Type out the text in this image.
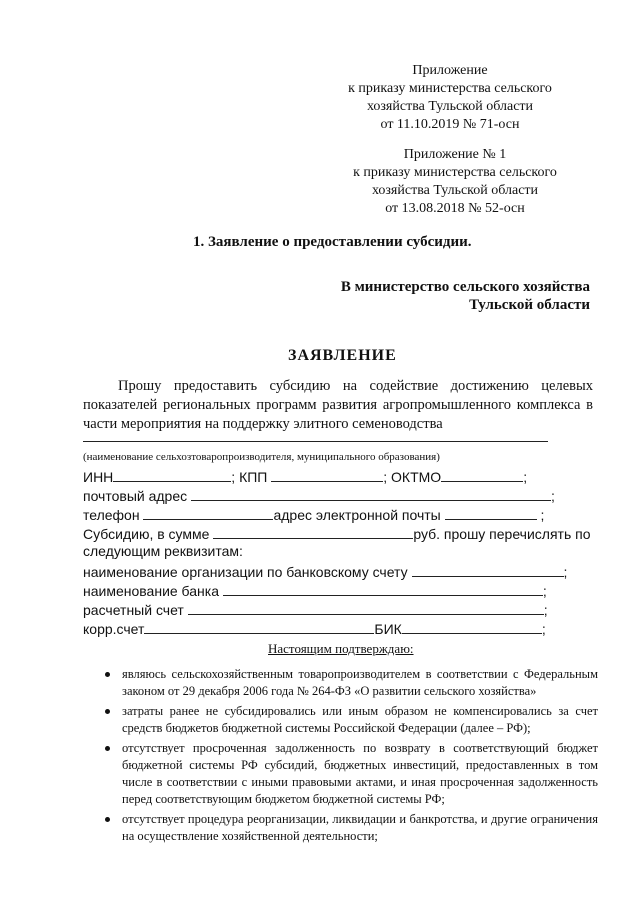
Приложение
к приказу министерства сельского
хозяйства Тульской области
от 11.10.2019 № 71-осн
Приложение № 1
к приказу министерства сельского
хозяйства Тульской области
от 13.08.2018 № 52-осн
1. Заявление о предоставлении субсидии.
В министерство сельского хозяйства
Тульской области
ЗАЯВЛЕНИЕ
Прошу предоставить субсидию на содействие достижению целевых показателей региональных программ развития агропромышленного комплекса в части мероприятия на поддержку элитного семеноводства
(наименование сельхозтоваропроизводителя, муниципального образования)
ИНН	; КПП	; ОКТМО	;
почтовый адрес	;
телефон	адрес электронной почты	;
Субсидию, в сумме	руб. прошу перечислять по
следующим реквизитам:
наименование организации по банковскому счету	;
наименование банка	;
расчетный счет	;
корр.счет	БИК	;
Настоящим подтверждаю:
являюсь сельскохозяйственным товаропроизводителем в соответствии с Федеральным законом от 29 декабря 2006 года № 264-ФЗ «О развитии сельского хозяйства»
затраты ранее не субсидировались или иным образом не компенсировались за счет средств бюджетов бюджетной системы Российской Федерации (далее – РФ);
отсутствует просроченная задолженность по возврату в соответствующий бюджет бюджетной системы РФ субсидий, бюджетных инвестиций, предоставленных в том числе в соответствии с иными правовыми актами, и иная просроченная задолженность перед соответствующим бюджетом бюджетной системы РФ;
отсутствует процедура реорганизации, ликвидации и банкротства, и другие ограничения на осуществление хозяйственной деятельности;
